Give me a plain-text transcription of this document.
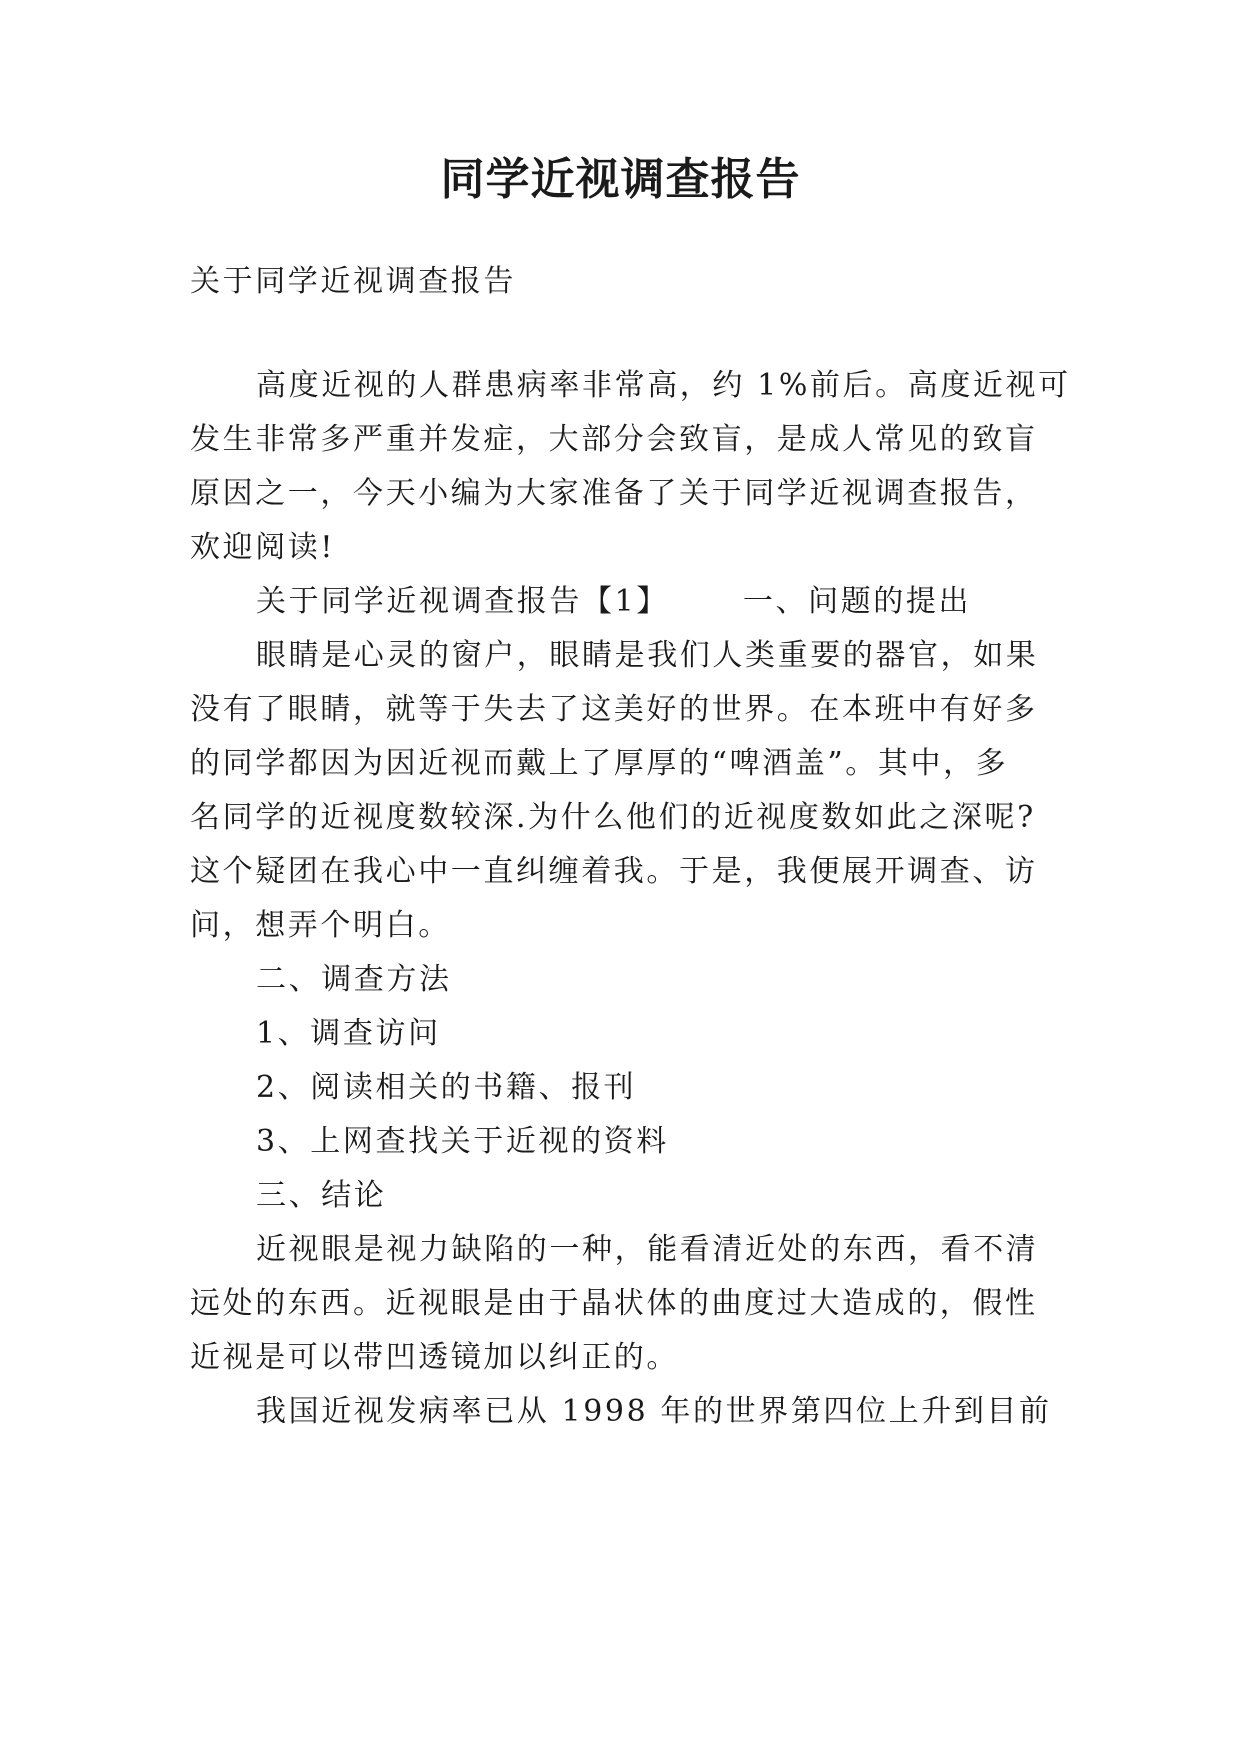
同学近视调查报告
关于同学近视调查报告
高度近视的人群患病率非常高，约 1%前后。高度近视可
发生非常多严重并发症，大部分会致盲，是成人常见的致盲
原因之一，今天小编为大家准备了关于同学近视调查报告，
欢迎阅读!
关于同学近视调查报告【1】 一、问题的提出
眼睛是心灵的窗户，眼睛是我们人类重要的器官，如果
没有了眼睛，就等于失去了这美好的世界。在本班中有好多
的同学都因为因近视而戴上了厚厚的“啤酒盖”。其中，多
名同学的近视度数较深.为什么他们的近视度数如此之深呢?
这个疑团在我心中一直纠缠着我。于是，我便展开调查、访
问，想弄个明白。
二、调查方法
1、调查访问
2、阅读相关的书籍、报刊
3、上网查找关于近视的资料
三、结论
近视眼是视力缺陷的一种，能看清近处的东西，看不清
远处的东西。近视眼是由于晶状体的曲度过大造成的，假性
近视是可以带凹透镜加以纠正的。
我国近视发病率已从 1998 年的世界第四位上升到目前
